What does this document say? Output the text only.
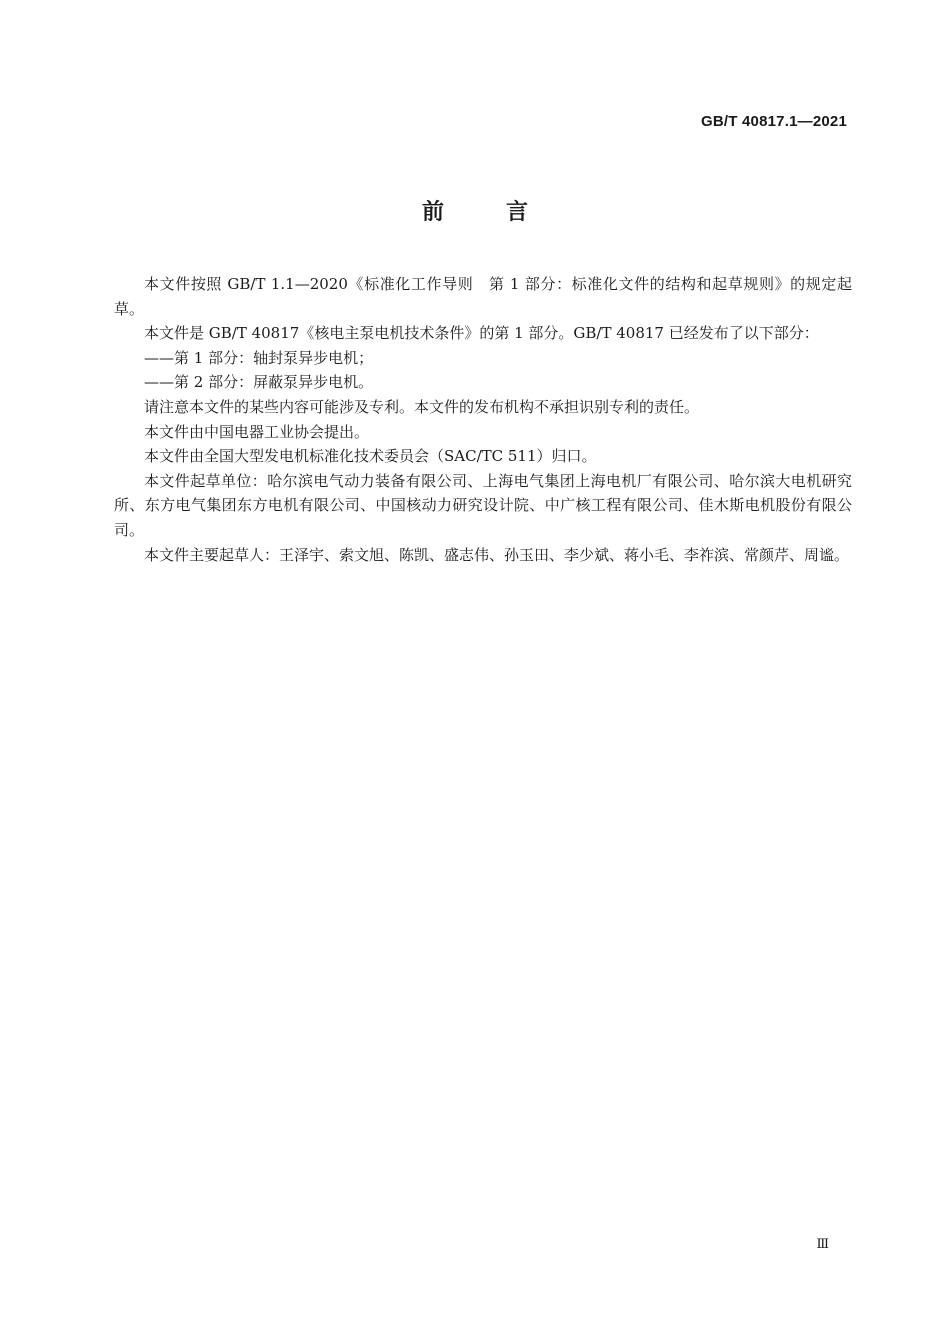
GB/T 40817.1—2021
前言

本文件按照 GB/T 1.1—2020《标准化工作导则　第 1 部分：标准化文件的结构和起草规则》的规定起草。

本文件是 GB/T 40817《核电主泵电机技术条件》的第 1 部分。GB/T 40817 已经发布了以下部分：

——第 1 部分：轴封泵异步电机；

——第 2 部分：屏蔽泵异步电机。

请注意本文件的某些内容可能涉及专利。本文件的发布机构不承担识别专利的责任。

本文件由中国电器工业协会提出。

本文件由全国大型发电机标准化技术委员会（SAC/TC 511）归口。

本文件起草单位：哈尔滨电气动力装备有限公司、上海电气集团上海电机厂有限公司、哈尔滨大电机研究所、东方电气集团东方电机有限公司、中国核动力研究设计院、中广核工程有限公司、佳木斯电机股份有限公司。

本文件主要起草人：王泽宇、索文旭、陈凯、盛志伟、孙玉田、李少斌、蒋小毛、李祚滨、常颜芹、周谧。

Ⅲ
